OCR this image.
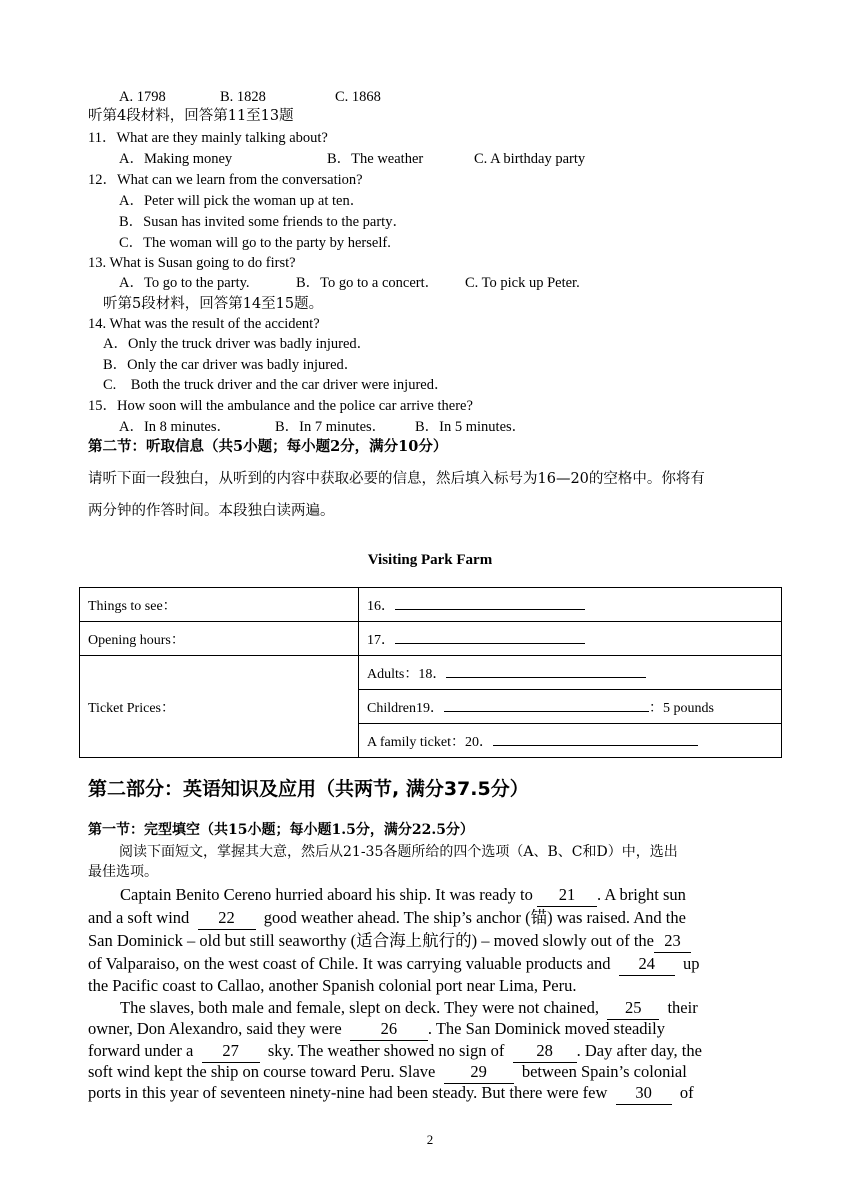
A. 1798	B. 1828	C. 1868
听第4段材料，回答第11至13题
11．What are they mainly talking about?
A．Making money	B．The weather	C. A birthday party
12．What can we learn from the conversation?
A．Peter will pick the woman up at ten．
B．Susan has invited some friends to the party．
C．The woman will go to the party by herself.
13. What is Susan going to do first?
A．To go to the party.	B．To go to a concert． C. To pick up Peter.
听第5段材料，回答第14至15题。
14. What was the result of the accident?
A．Only the truck driver was badly injured．
B．Only the car driver was badly injured．
C.　Both the truck driver and the car driver were injured．
15．How soon will the ambulance and the police car arrive there?
A．In 8 minutes．	B．In 7 minutes． B．In 5 minutes．
第二节：听取信息（共5小题；每小题2分，满分10分）
请听下面一段独白，从听到的内容中获取必要的信息，然后填入标号为16—20的空格中。你将有
两分钟的作答时间。本段独白读两遍。
Visiting Park Farm
Things to see：	16．
Opening hours：	17．
Ticket Prices：	Adults：18．
	Children19． ：5 pounds
	A family ticket：20．
第二部分：英语知识及应用（共两节, 满分37.5分）
第一节：完型填空（共15小题；每小题1.5分，满分22.5分）
阅读下面短文，掌握其大意，然后从21-35各题所给的四个选项（A、B、C和D）中，选出
最佳选项。
Captain Benito Cereno hurried aboard his ship. It was ready to 21 . A bright sun
and a soft wind 22 good weather ahead. The ship’s anchor (锚) was raised. And the
San Dominick – old but still seaworthy (适合海上航行的) – moved slowly out of the 23
of Valparaiso, on the west coast of Chile. It was carrying valuable products and 24 up
the Pacific coast to Callao, another Spanish colonial port near Lima, Peru.
The slaves, both male and female, slept on deck. They were not chained, 25 their
owner, Don Alexandro, said they were 26 . The San Dominick moved steadily
forward under a 27 sky. The weather showed no sign of 28 . Day after day, the
soft wind kept the ship on course toward Peru. Slave 29 between Spain’s colonial
ports in this year of seventeen ninety-nine had been steady. But there were few 30 of
2
